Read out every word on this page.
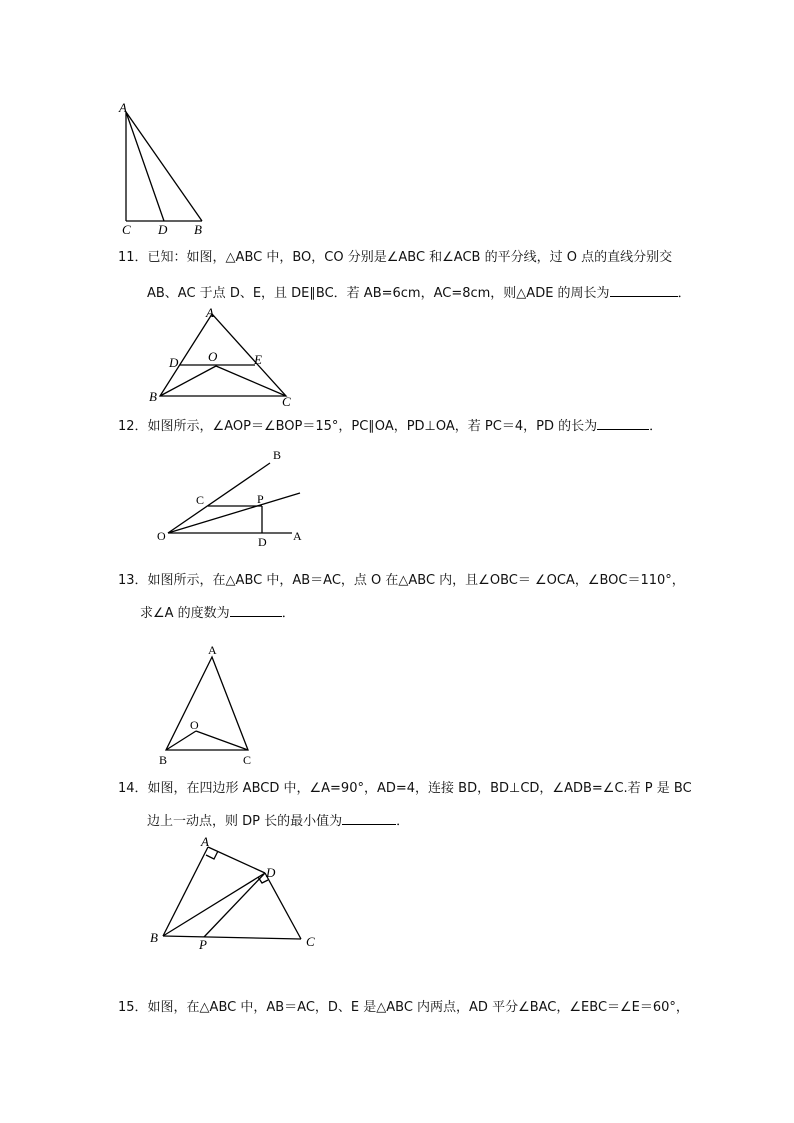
A
C D B
11．已知：如图，△ABC 中，BO，CO 分别是∠ABC 和∠ACB 的平分线，过 O 点的直线分别交
AB、AC 于点 D、E，且 DE∥BC．若 AB=6cm，AC=8cm，则△ADE 的周长为	．
A
D O	E
B	C
12．如图所示，∠AOP＝∠BOP＝15°，PC∥OA，PD⊥OA，若 PC＝4，PD 的长为	．
B
C	P
O	D A
13．如图所示，在△ABC 中，AB＝AC，点 O 在△ABC 内，且∠OBC＝ ∠OCA，∠BOC＝110°，
求∠A 的度数为	．
A
O
B	C
14．如图，在四边形 ABCD 中，∠A=90°，AD=4，连接 BD，BD⊥CD，∠ADB=∠C.若 P 是 BC
边上一动点，则 DP 长的最小值为	．
A
D
B	P	C
15．如图，在△ABC 中，AB＝AC，D、E 是△ABC 内两点，AD 平分∠BAC，∠EBC＝∠E＝60°，
